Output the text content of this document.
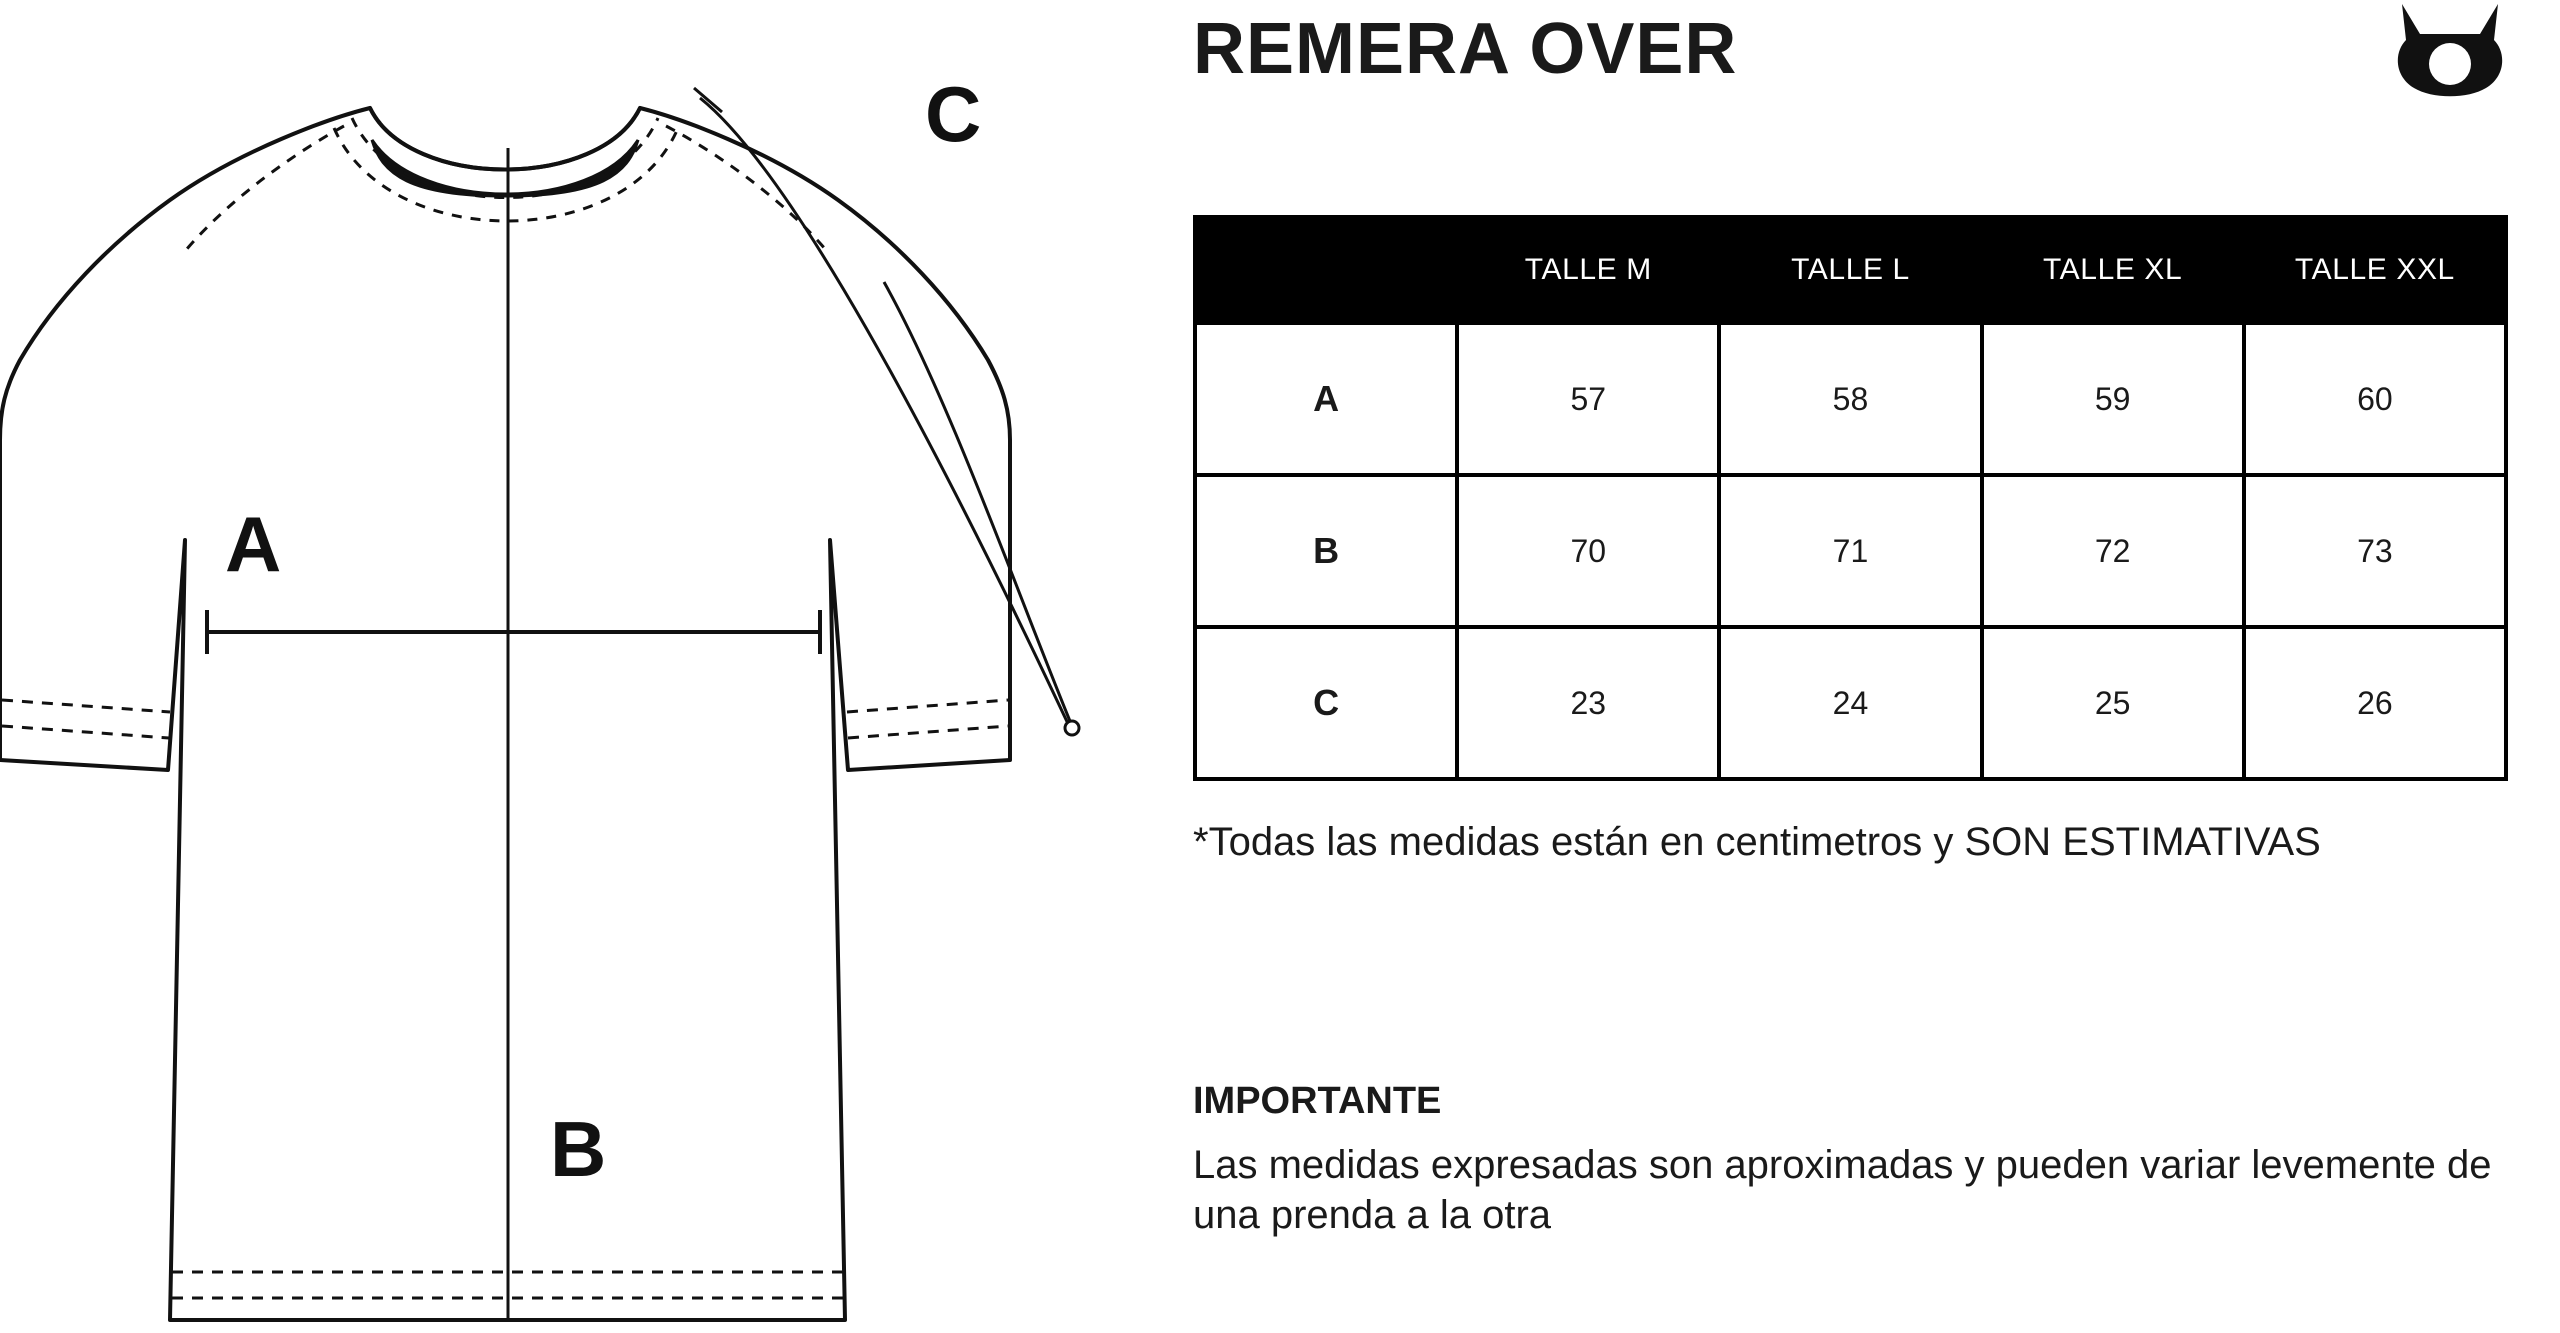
A
B
C
REMERA OVER
	TALLE M	TALLE L	TALLE XL	TALLE XXL
A	57	58	59	60
B	70	71	72	73
C	23	24	25	26
*Todas las medidas están en centimetros y SON ESTIMATIVAS
IMPORTANTE
Las medidas expresadas son aproximadas y pueden variar levemente de una prenda a la otra
